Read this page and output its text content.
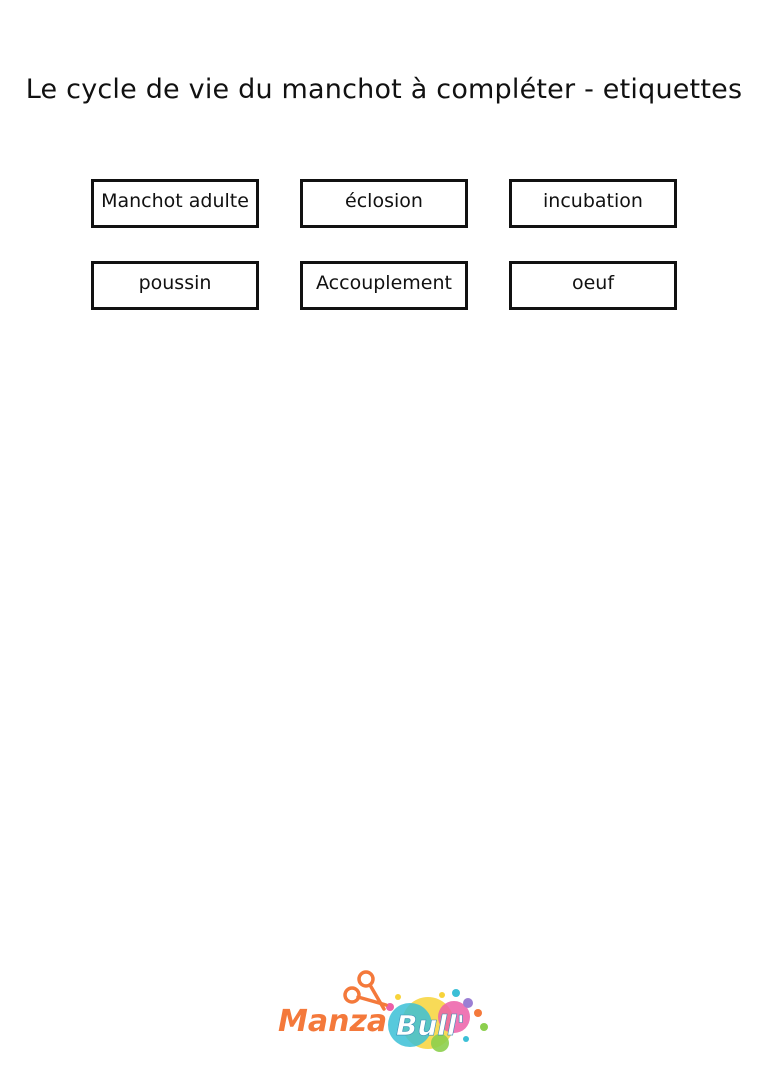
Le cycle de vie du manchot à compléter - etiquettes
Manchot adulte	éclosion	incubation
poussin	Accouplement	oeuf
Manza Bull'
